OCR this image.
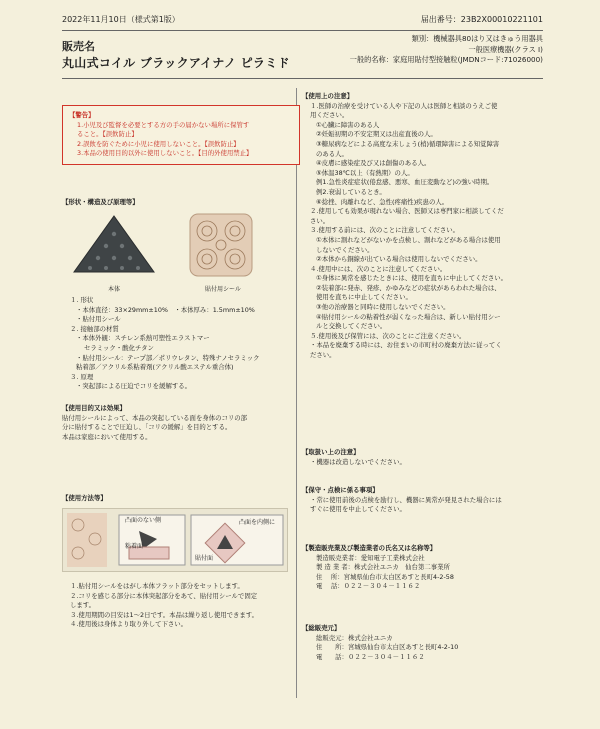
2022年11月10日（様式第1版）	届出番号：23B2X00010221101
販売名
丸山式コイル ブラックアイナノ ピラミド
類別：機械器具80はり又はきゅう用器具
一般医療機器(クラス Ⅰ)
一般的名称：家庭用貼付型接触粒(JMDNコード:71026000)
【警告】
1.小児及び監督を必要とする方の手の届かない場所に保管す
ること。【誤飲防止】
2.誤飲を防ぐために小児に使用しないこと。【誤飲防止】
3.本品の使用目的以外に使用しないこと。【目的外使用禁止】
【形状・構造及び原理等】
本体	貼付用シール
１. 形状
・本体直径：33×29mm±10%　・本体厚み：1.5mm±10%
・貼付用シール
２. 接触部の材質
・本体外観：スチレン系熱可塑性エラストマー
セラミック・酸化チタン
・貼付用シール：テープ部／ポリウレタン、特殊ナノセラミック
粘着部／アクリル系粘着剤(アクリル酸エステル重合体)
３. 原理
・突起部による圧迫でコリを緩解する。
【使用目的又は効果】
貼付用シールによって、本品の突起している面を身体のコリの部
分に貼付することで圧迫し、「コリの緩解」を目的とする。
本品は家庭において使用する。
【使用方法等】
凸面のない側
粘着面
凸面を内側に
貼付面
１.貼付用シールをはがし本体フラット部分をセットします。
２.コリを感じる部分に本体突起部分をあて、貼付用シールで固定
します。
３.使用期間の目安は1〜2日です。本品は繰り返し使用できます。
４.使用後は身体より取り外して下さい。
【使用上の注意】
１.医師の治療を受けている人や下記の人は医師と相談のうえご使
用ください。
①心臓に障害のある人
②妊娠初期の不安定期又は出産直後の人。
③糖尿病などによる高度な末しょう(梢)循環障害による知覚障害
のある人。
④皮膚に感染症及び又は創傷のある人。
⑤体温38℃以上（有熱期）の人。
例1.急性炎症症状(倦怠感、悪寒、血圧変動など)の強い時期。
例2.衰弱しているとき。
⑥捻挫、肉離れなど、急性(疼痛性)疾患の人。
２.使用しても効果が現れない場合、医師又は専門家に相談してくだ
さい。
３.使用する前には、次のことに注意してください。
①本体に割れなどがないかを点検し、割れなどがある場合は使用
しないでください。
②本体から銅線が出ている場合は使用しないでください。
４.使用中には、次のことに注意してください。
①身体に異常を感じたときには、使用を直ちに中止してください。
②装着部に発赤、発疹、かゆみなどの症状があらわれた場合は、
使用を直ちに中止してください。
③他の治療器と同時に使用しないでください。
④貼付用シールの粘着性が弱くなった場合は、新しい貼付用シー
ルと交換してください。
５.使用後及び保管には、次のことにご注意ください。
・本品を廃棄する時には、お住まいの市町村の廃棄方法に従ってく
ださい。
【取扱い上の注意】
・機器は改造しないでください。
【保守・点検に係る事項】
・常に使用前後の点検を励行し、機器に異常が発見された場合には
すぐに使用を中止してください。
【製造販売業及び製造業者の氏名又は名称等】
製造販売業者：愛知電子工業株式会社
製 造 業 者：株式会社ユニカ　仙台第二事業所
住　 所：宮城県仙台市太白区あすと長町4-2-58
電　 話：０２２－３０４－１１６２
【総販売元】
総販売元：株式会社ユニカ
住　　所：宮城県仙台市太白区あすと長町4-2-10
電　　話：０２２－３０４－１１６２
